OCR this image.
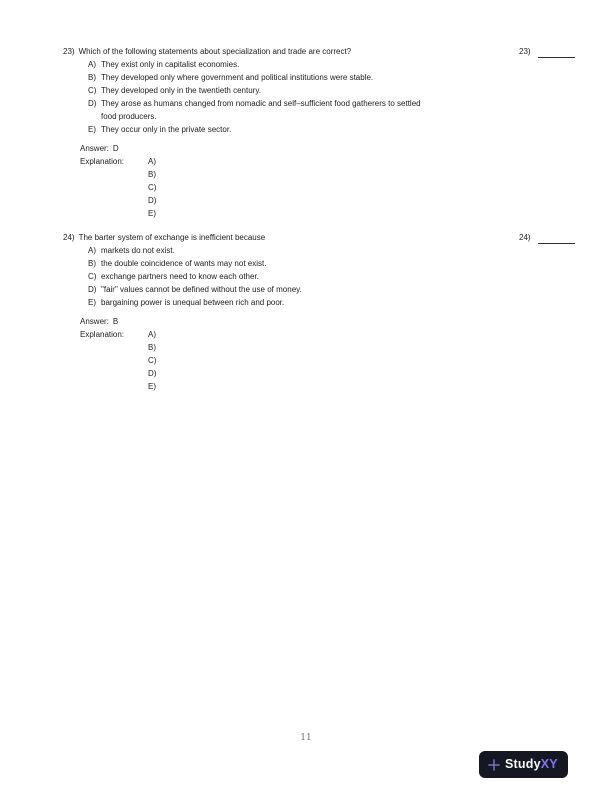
23)
23) Which of the following statements about specialization and trade are correct?
A) They exist only in capitalist economies.
B) They developed only where government and political institutions were stable.
C) They developed only in the twentieth century.
D) They arose as humans changed from nomadic and self–sufficient food gatherers to settled
food producers.
E) They occur only in the private sector.
Answer: D
Explanation:	A)
B)
C)
D)
E)
24)
24) The barter system of exchange is inefficient because
A) markets do not exist.
B) the double coincidence of wants may not exist.
C) exchange partners need to know each other.
D) "fair" values cannot be defined without the use of money.
E) bargaining power is unequal between rich and poor.
Answer: B
Explanation:	A)
B)
C)
D)
E)
11
StudyXY
